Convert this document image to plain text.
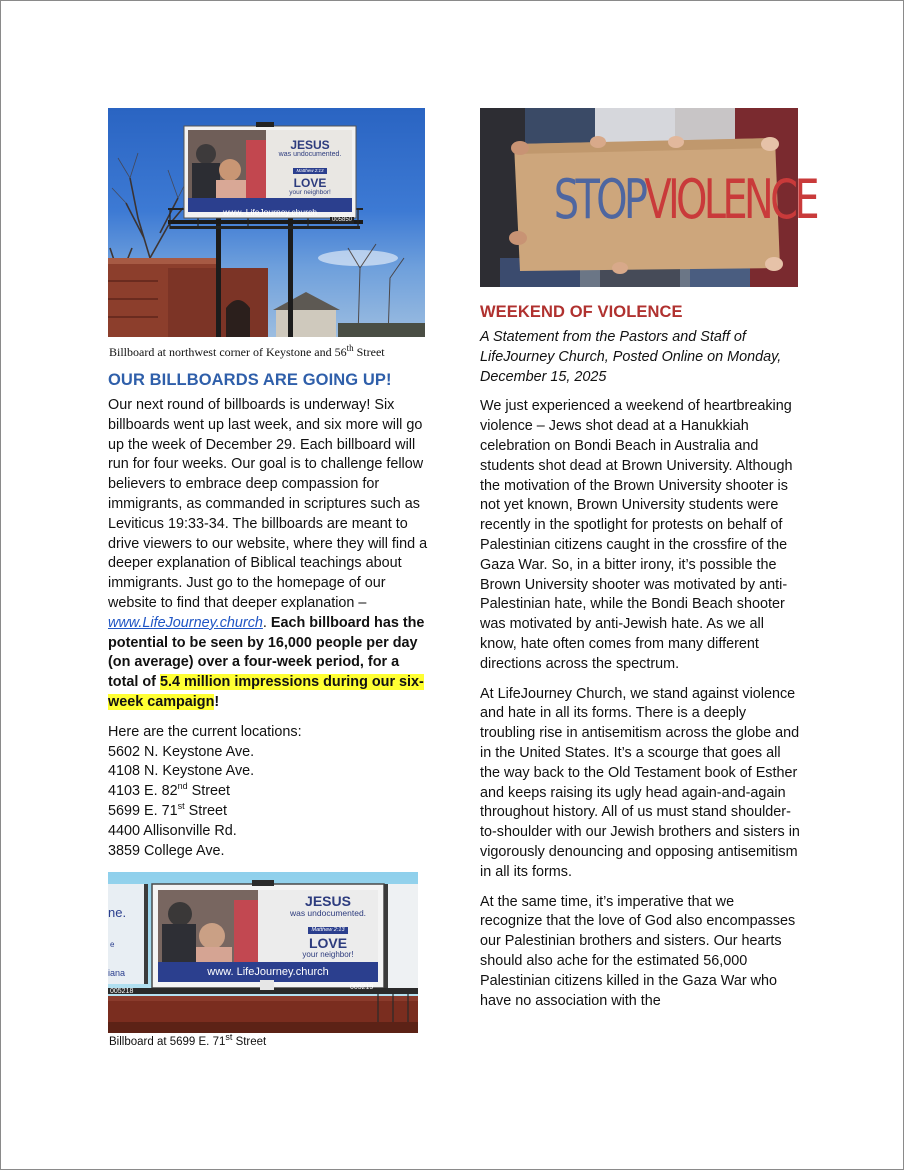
JESUS
was undocumented.
Matthew 2:13
LOVE
your neighbor!
www. LifeJourney.church
005850
Billboard at northwest corner of Keystone and 56th Street
OUR BILLBOARDS ARE GOING UP!

Our next round of billboards is underway! Six billboards went up last week, and six more will go up the week of December 29. Each billboard will run for four weeks. Our goal is to challenge fellow believers to embrace deep compassion for immigrants, as commanded in scriptures such as Leviticus 19:33-34. The billboards are meant to drive viewers to our website, where they will find a deeper explanation of Biblical teachings about immigrants. Just go to the homepage of our website to find that deeper explanation – www.LifeJourney.church. Each billboard has the potential to be seen by 16,000 people per day (on average) over a four-week period, for a total of 5.4 million impressions during our six-week campaign!

Here are the current locations:

5602 N. Keystone Ave.
4108 N. Keystone Ave.
4103 E. 82nd Street
5699 E. 71st Street
4400 Allisonville Rd.
3859 College Ave.
JESUS
was undocumented.
Matthew 2:13
LOVE
your neighbor!
www. LifeJourney.church
ne.
e
iana
005218
005219
Billboard at 5699 E. 71st Street
STOPVIOLENCE
WEEKEND OF VIOLENCE

A Statement from the Pastors and Staff of LifeJourney Church, Posted Online on Monday, December 15, 2025

We just experienced a weekend of heartbreaking violence – Jews shot dead at a Hanukkiah celebration on Bondi Beach in Australia and students shot dead at Brown University. Although the motivation of the Brown University shooter is not yet known, Brown University students were recently in the spotlight for protests on behalf of Palestinian citizens caught in the crossfire of the Gaza War. So, in a bitter irony, it’s possible the Brown University shooter was motivated by anti-Palestinian hate, while the Bondi Beach shooter was motivated by anti-Jewish hate. As we all know, hate often comes from many different directions across the spectrum.

At LifeJourney Church, we stand against violence and hate in all its forms. There is a deeply troubling rise in antisemitism across the globe and in the United States. It’s a scourge that goes all the way back to the Old Testament book of Esther and keeps raising its ugly head again-and-again throughout history. All of us must stand shoulder-to-shoulder with our Jewish brothers and sisters in vigorously denouncing and opposing antisemitism in all its forms.

At the same time, it’s imperative that we recognize that the love of God also encompasses our Palestinian brothers and sisters. Our hearts should also ache for the estimated 56,000 Palestinian citizens killed in the Gaza War who have no association with the
